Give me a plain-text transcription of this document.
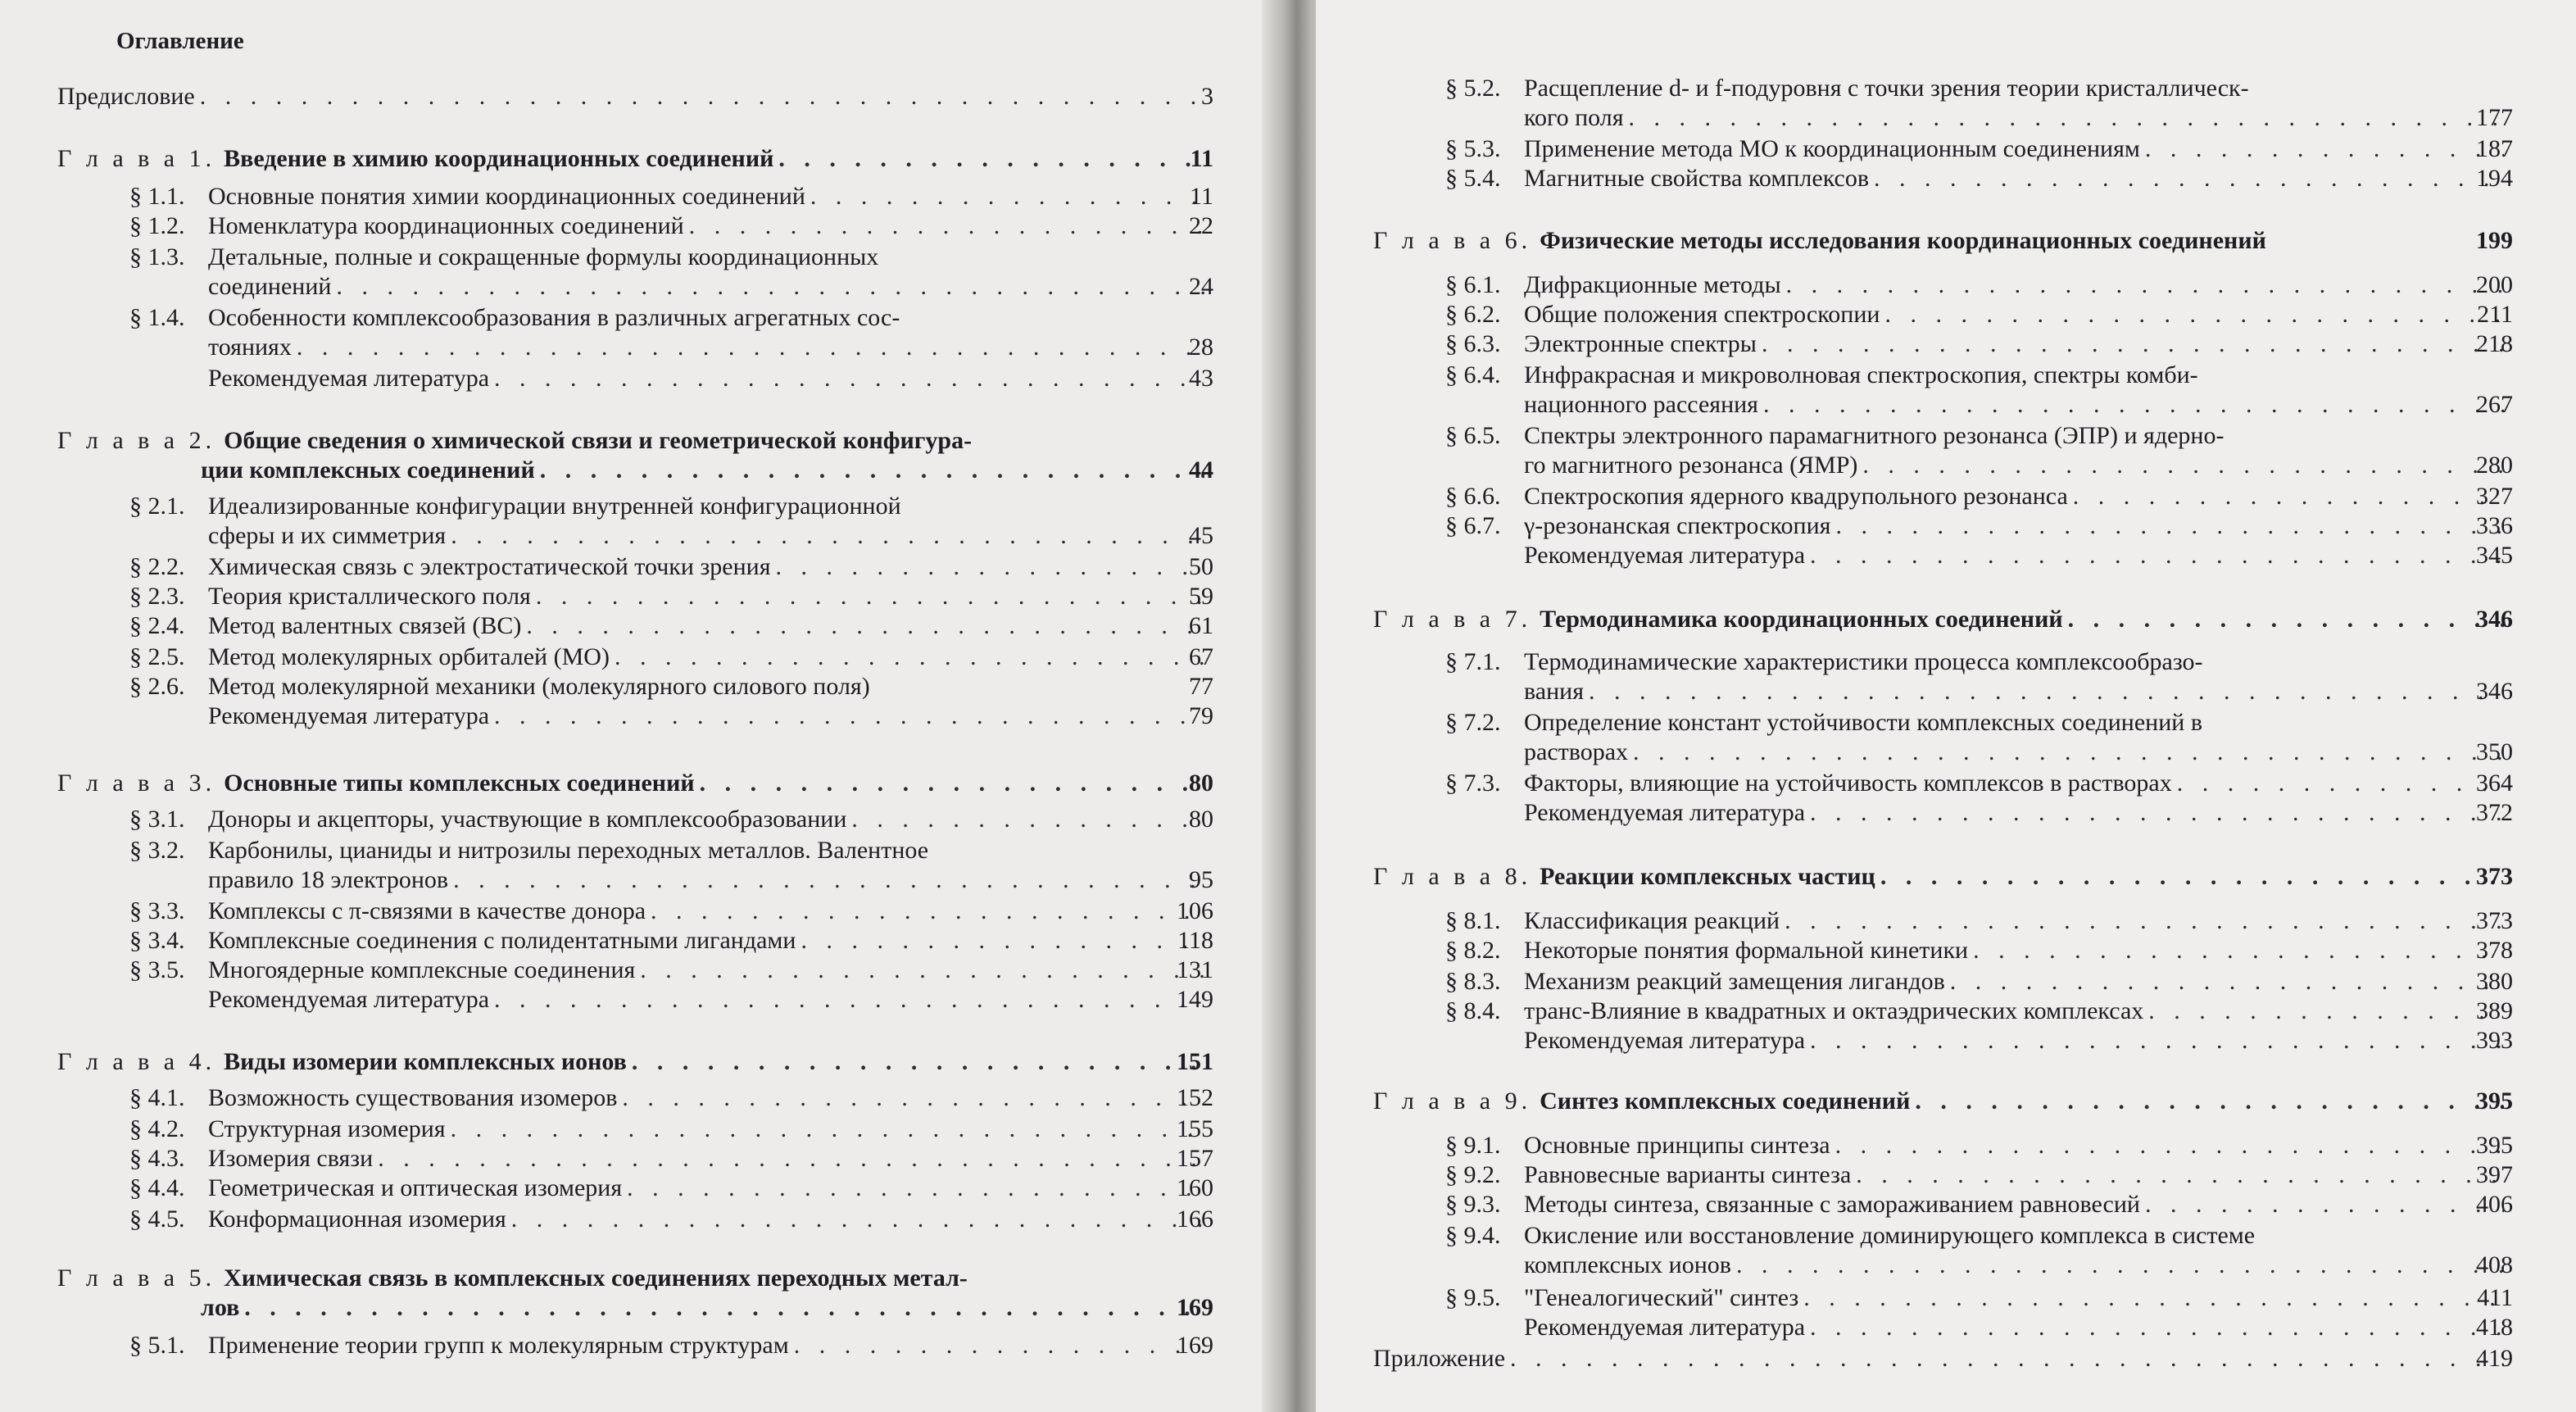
Оглавление
Предисловие . . .	3
Г л а в а 1. Введение в химию координационных соединений . . .	11
§ 1.1. Основные понятия химии координационных соединений . . .	11
§ 1.2. Номенклатура координационных соединений . . .	22
§ 1.3. Детальные, полные и сокращенные формулы координационных
соединений . . .	24
§ 1.4. Особенности комплексообразования в различных агрегатных сос-
тояниях . . .	28
Рекомендуемая литература . . .	43
Г л а в а 2. Общие сведения о химической связи и геометрической конфигура-
ции комплексных соединений . . .	44
§ 2.1. Идеализированные конфигурации внутренней конфигурационной
сферы и их симметрия . . .	45
§ 2.2. Химическая связь с электростатической точки зрения . . .	50
§ 2.3. Теория кристаллического поля . . .	59
§ 2.4. Метод валентных связей (ВС) . . .	61
§ 2.5. Метод молекулярных орбиталей (МО) . . .	67
§ 2.6. Метод молекулярной механики (молекулярного силового поля)	77
Рекомендуемая литература . . .	79
Г л а в а 3. Основные типы комплексных соединений . . .	80
§ 3.1. Доноры и акцепторы, участвующие в комплексообразовании . . .	80
§ 3.2. Карбонилы, цианиды и нитрозилы переходных металлов. Валентное
правило 18 электронов . . .	95
§ 3.3. Комплексы с π-связями в качестве донора . . .	106
§ 3.4. Комплексные соединения с полидентатными лигандами . . .	118
§ 3.5. Многоядерные комплексные соединения . . .	131
Рекомендуемая литература . . .	149
Г л а в а 4. Виды изомерии комплексных ионов . . .	151
§ 4.1. Возможность существования изомеров . . .	152
§ 4.2. Структурная изомерия . . .	155
§ 4.3. Изомерия связи . . .	157
§ 4.4. Геометрическая и оптическая изомерия . . .	160
§ 4.5. Конформационная изомерия . . .	166
Г л а в а 5. Химическая связь в комплексных соединениях переходных метал-
лов . . .	169
§ 5.1. Применение теории групп к молекулярным структурам . . .	169
§ 5.2. Расщепление d- и f-подуровня с точки зрения теории кристаллическ-
кого поля . . .	177
§ 5.3. Применение метода МО к координационным соединениям . . .	187
§ 5.4. Магнитные свойства комплексов . . .	194
Г л а в а 6. Физические методы исследования координационных соединений	199
§ 6.1. Дифракционные методы . . .	200
§ 6.2. Общие положения спектроскопии . . .	211
§ 6.3. Электронные спектры . . .	218
§ 6.4. Инфракрасная и микроволновая спектроскопия, спектры комби-
национного рассеяния . . .	267
§ 6.5. Спектры электронного парамагнитного резонанса (ЭПР) и ядерно-
го магнитного резонанса (ЯМР) . . .	280
§ 6.6. Спектроскопия ядерного квадрупольного резонанса . . .	327
§ 6.7. γ-резонанская спектроскопия . . .	336
Рекомендуемая литература . . .	345
Г л а в а 7. Термодинамика координационных соединений . . .	346
§ 7.1. Термодинамические характеристики процесса комплексообразо-
вания . . .	346
§ 7.2. Определение констант устойчивости комплексных соединений в
растворах . . .	350
§ 7.3. Факторы, влияющие на устойчивость комплексов в растворах . . .	364
Рекомендуемая литература . . .	372
Г л а в а 8. Реакции комплексных частиц . . .	373
§ 8.1. Классификация реакций . . .	373
§ 8.2. Некоторые понятия формальной кинетики . . .	378
§ 8.3. Механизм реакций замещения лигандов . . .	380
§ 8.4. транс-Влияние в квадратных и октаэдрических комплексах . . .	389
Рекомендуемая литература . . .	393
Г л а в а 9. Синтез комплексных соединений . . .	395
§ 9.1. Основные принципы синтеза . . .	395
§ 9.2. Равновесные варианты синтеза . . .	397
§ 9.3. Методы синтеза, связанные с замораживанием равновесий . . .	406
§ 9.4. Окисление или восстановление доминирующего комплекса в системе
комплексных ионов . . .	408
§ 9.5. "Генеалогический" синтез . . .	411
Рекомендуемая литература . . .	418
Приложение . . .	419
